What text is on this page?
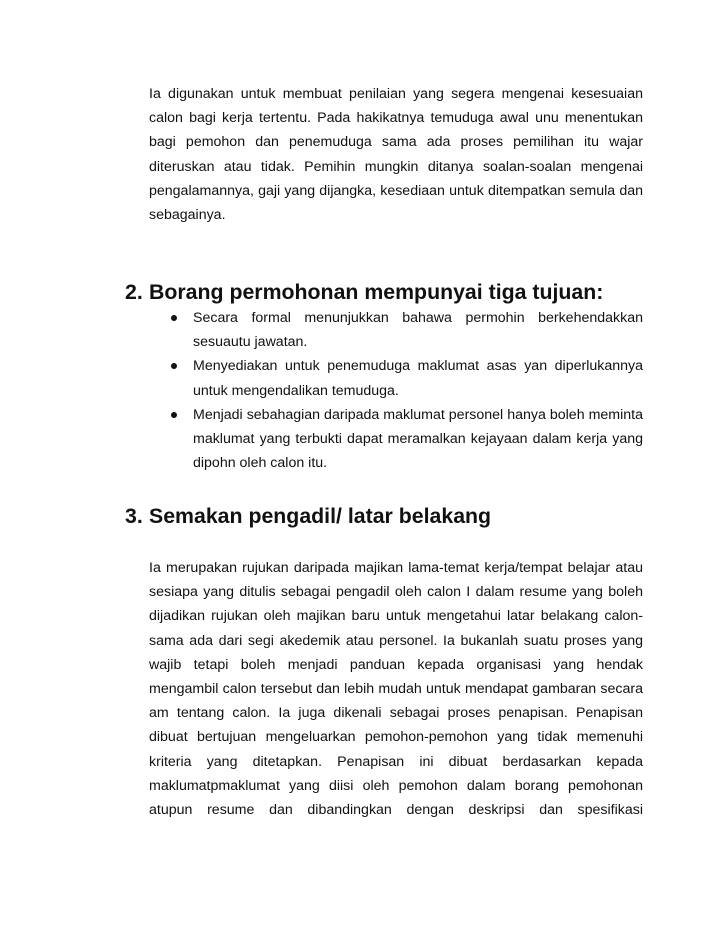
Ia digunakan untuk membuat penilaian yang segera mengenai kesesuaian calon bagi kerja tertentu. Pada hakikatnya temuduga awal unu menentukan bagi pemohon dan penemuduga sama ada proses pemilihan itu wajar diteruskan atau tidak. Pemihin mungkin ditanya soalan-soalan mengenai pengalamannya, gaji yang dijangka, kesediaan untuk ditempatkan semula dan sebagainya.

2. Borang permohonan mempunyai tiga tujuan:
Secara formal menunjukkan bahawa permohin berkehendakkan sesuautu jawatan.
Menyediakan untuk penemuduga maklumat asas yan diperlukannya untuk mengendalikan temuduga.
Menjadi sebahagian daripada maklumat personel hanya boleh meminta maklumat yang terbukti dapat meramalkan kejayaan dalam kerja yang dipohn oleh calon itu.
3. Semakan pengadil/ latar belakang

Ia merupakan rujukan daripada majikan lama-temat kerja/tempat belajar atau sesiapa yang ditulis sebagai pengadil oleh calon I dalam resume yang boleh dijadikan rujukan oleh majikan baru untuk mengetahui latar belakang calon-sama ada dari segi akedemik atau personel. Ia bukanlah suatu proses yang wajib tetapi boleh menjadi panduan kepada organisasi yang hendak mengambil calon tersebut dan lebih mudah untuk mendapat gambaran secara am tentang calon. Ia juga dikenali sebagai proses penapisan. Penapisan dibuat bertujuan mengeluarkan pemohon-pemohon yang tidak memenuhi kriteria yang ditetapkan. Penapisan ini dibuat berdasarkan kepada maklumatpmaklumat yang diisi oleh pemohon dalam borang pemohonan atupun resume dan dibandingkan dengan deskripsi dan spesifikasi
